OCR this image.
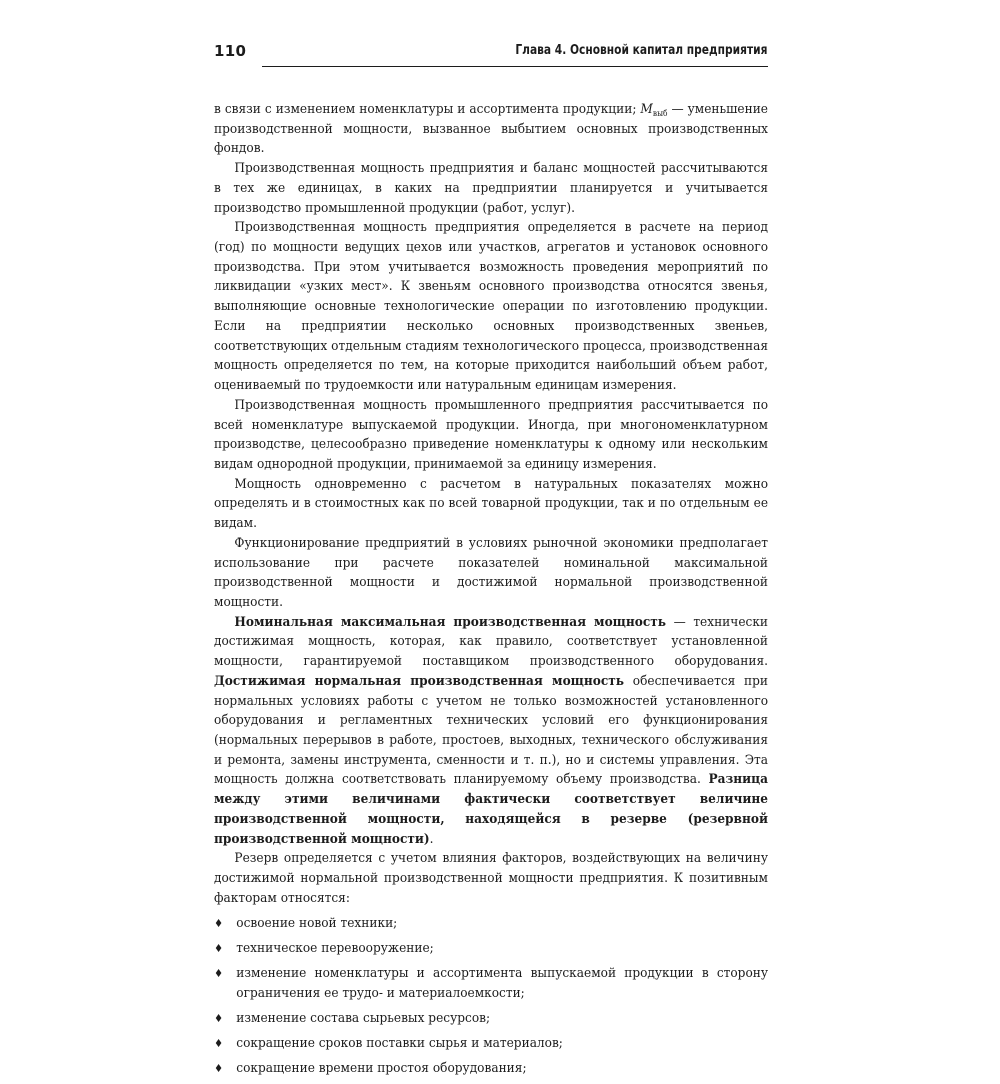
110	Глава 4. Основной капитал предприятия

в связи с изменением номенклатуры и ассортимента продукции; $M_{выб}$ — уменьшение производственной мощности, вызванное выбытием основных производственных фондов.

Производственная мощность предприятия и баланс мощностей рассчитываются в тех же единицах, в каких на предприятии планируется и учитывается производство промышленной продукции (работ, услуг).

Производственная мощность предприятия определяется в расчете на период (год) по мощности ведущих цехов или участков, агрегатов и установок основного производства. При этом учитывается возможность проведения мероприятий по ликвидации «узких мест». К звеньям основного производства относятся звенья, выполняющие основные технологические операции по изготовлению продукции. Если на предприятии несколько основных производственных звеньев, соответствующих отдельным стадиям технологического процесса, производственная мощность определяется по тем, на которые приходится наибольший объем работ, оцениваемый по трудоемкости или натуральным единицам измерения.

Производственная мощность промышленного предприятия рассчитывается по всей номенклатуре выпускаемой продукции. Иногда, при многономенклатурном производстве, целесообразно приведение номенклатуры к одному или нескольким видам однородной продукции, принимаемой за единицу измерения.

Мощность одновременно с расчетом в натуральных показателях можно определять и в стоимостных как по всей товарной продукции, так и по отдельным ее видам.

Функционирование предприятий в условиях рыночной экономики предполагает использование при расчете показателей номинальной максимальной производственной мощности и достижимой нормальной производственной мощности.

Номинальная максимальная производственная мощность — технически достижимая мощность, которая, как правило, соответствует установленной мощности, гарантируемой поставщиком производственного оборудования. Достижимая нормальная производственная мощность обеспечивается при нормальных условиях работы с учетом не только возможностей установленного оборудования и регламентных технических условий его функционирования (нормальных перерывов в работе, простоев, выходных, технического обслуживания и ремонта, замены инструмента, сменности и т. п.), но и системы управления. Эта мощность должна соответствовать планируемому объему производства. Разница между этими величинами фактически соответствует величине производственной мощности, находящейся в резерве (резервной производственной мощности).

Резерв определяется с учетом влияния факторов, воздействующих на величину достижимой нормальной производственной мощности предприятия. К позитивным факторам относятся:

♦ освоение новой техники;
♦ техническое перевооружение;
♦ изменение номенклатуры и ассортимента выпускаемой продукции в сторону ограничения ее трудо- и материалоемкости;
♦ изменение состава сырьевых ресурсов;
♦ сокращение сроков поставки сырья и материалов;
♦ сокращение времени простоя оборудования;
